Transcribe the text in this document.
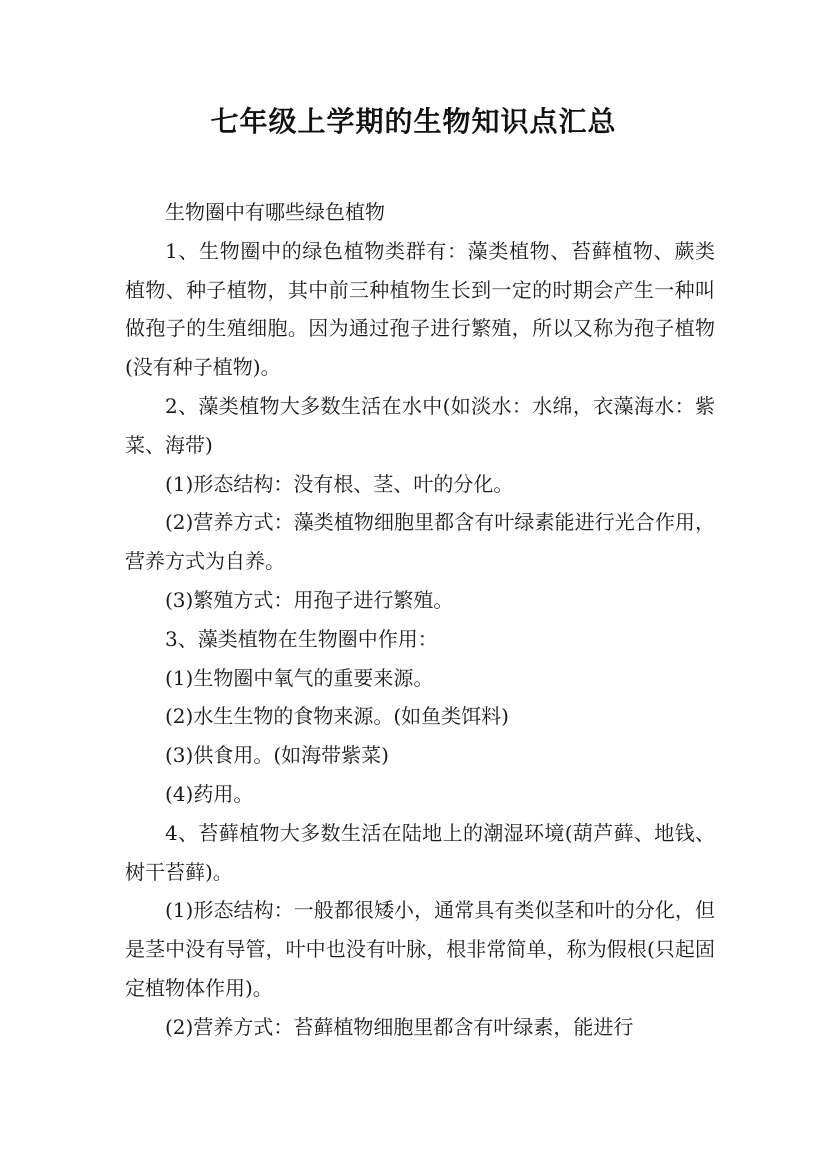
七年级上学期的生物知识点汇总

生物圈中有哪些绿色植物

1、生物圈中的绿色植物类群有：藻类植物、苔藓植物、蕨类植物、种子植物，其中前三种植物生长到一定的时期会产生一种叫做孢子的生殖细胞。因为通过孢子进行繁殖，所以又称为孢子植物(没有种子植物)。

2、藻类植物大多数生活在水中(如淡水：水绵，衣藻海水：紫菜、海带)

(1)形态结构：没有根、茎、叶的分化。

(2)营养方式：藻类植物细胞里都含有叶绿素能进行光合作用，营养方式为自养。

(3)繁殖方式：用孢子进行繁殖。

3、藻类植物在生物圈中作用：

(1)生物圈中氧气的重要来源。

(2)水生生物的食物来源。(如鱼类饵料)

(3)供食用。(如海带紫菜)

(4)药用。

4、苔藓植物大多数生活在陆地上的潮湿环境(葫芦藓、地钱、树干苔藓)。

(1)形态结构：一般都很矮小，通常具有类似茎和叶的分化，但是茎中没有导管，叶中也没有叶脉，根非常简单，称为假根(只起固定植物体作用)。

(2)营养方式：苔藓植物细胞里都含有叶绿素，能进行
